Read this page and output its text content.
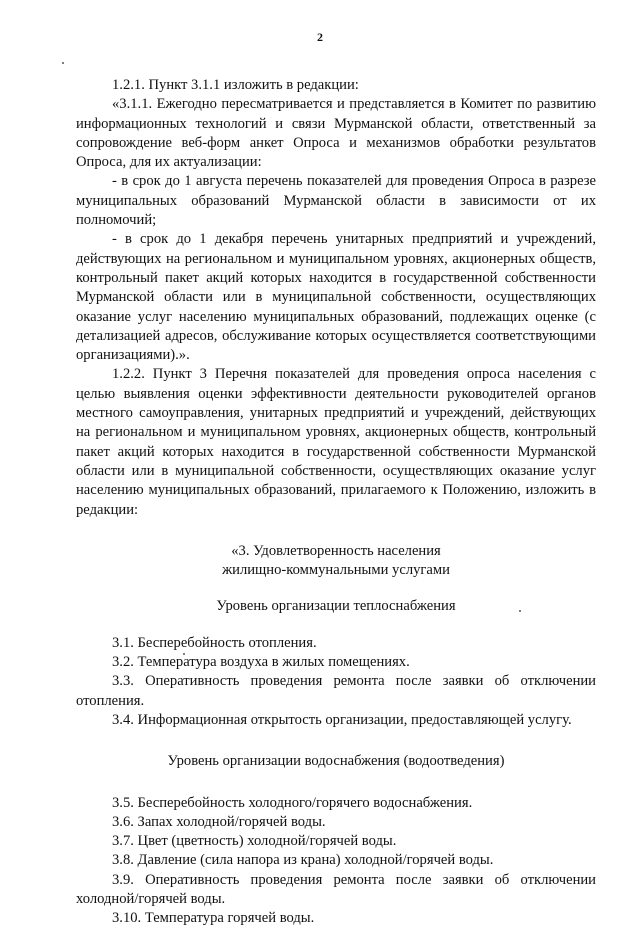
2

1.2.1. Пункт 3.1.1 изложить в редакции:

«3.1.1. Ежегодно пересматривается и представляется в Комитет по развитию информационных технологий и связи Мурманской области, ответственный за сопровождение веб-форм анкет Опроса и механизмов обработки результатов Опроса, для их актуализации:

- в срок до 1 августа перечень показателей для проведения Опроса в разрезе муниципальных образований Мурманской области в зависимости от их полномочий;

- в срок до 1 декабря перечень унитарных предприятий и учреждений, действующих на региональном и муниципальном уровнях, акционерных обществ, контрольный пакет акций которых находится в государственной собственности Мурманской области или в муниципальной собственности, осуществляющих оказание услуг населению муниципальных образований, подлежащих оценке (с детализацией адресов, обслуживание которых осуществляется соответствующими организациями).».

1.2.2. Пункт 3 Перечня показателей для проведения опроса населения с целью выявления оценки эффективности деятельности руководителей органов местного самоуправления, унитарных предприятий и учреждений, действующих на региональном и муниципальном уровнях, акционерных обществ, контрольный пакет акций которых находится в государственной собственности Мурманской области или в муниципальной собственности, осуществляющих оказание услуг населению муниципальных образований, прилагаемого к Положению, изложить в редакции:

«3. Удовлетворенность населения

жилищно-коммунальными услугами

Уровень организации теплоснабжения

3.1. Бесперебойность отопления.

3.2. Температура воздуха в жилых помещениях.

3.3. Оперативность проведения ремонта после заявки об отключении отопления.

3.4. Информационная открытость организации, предоставляющей услугу.

Уровень организации водоснабжения (водоотведения)

3.5. Бесперебойность холодного/горячего водоснабжения.

3.6. Запах холодной/горячей воды.

3.7. Цвет (цветность) холодной/горячей воды.

3.8. Давление (сила напора из крана) холодной/горячей воды.

3.9. Оперативность проведения ремонта после заявки об отключении холодной/горячей воды.

3.10. Температура горячей воды.
